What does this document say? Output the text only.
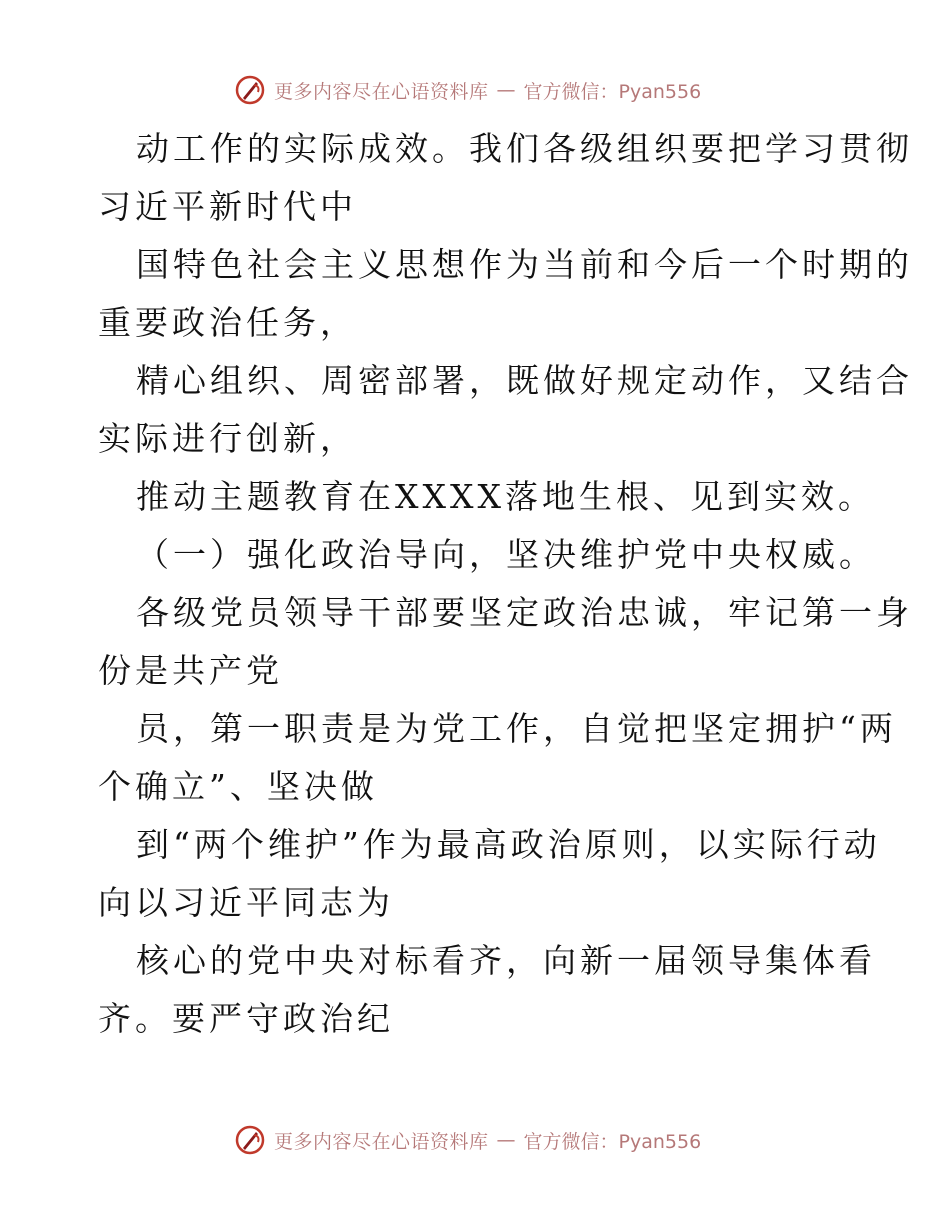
更多内容尽在心语资料库 — 官方微信：Pyan556
动工作的实际成效。我们各级组织要把学习贯彻
习近平新时代中
国特色社会主义思想作为当前和今后一个时期的
重要政治任务，
精心组织、周密部署，既做好规定动作，又结合
实际进行创新，
推动主题教育在XXXX落地生根、见到实效。
（一）强化政治导向，坚决维护党中央权威。
各级党员领导干部要坚定政治忠诚，牢记第一身
份是共产党
员，第一职责是为党工作，自觉把坚定拥护“两
个确立”、坚决做
到“两个维护”作为最高政治原则，以实际行动
向以习近平同志为
核心的党中央对标看齐，向新一届领导集体看
齐。要严守政治纪
更多内容尽在心语资料库 — 官方微信：Pyan556
